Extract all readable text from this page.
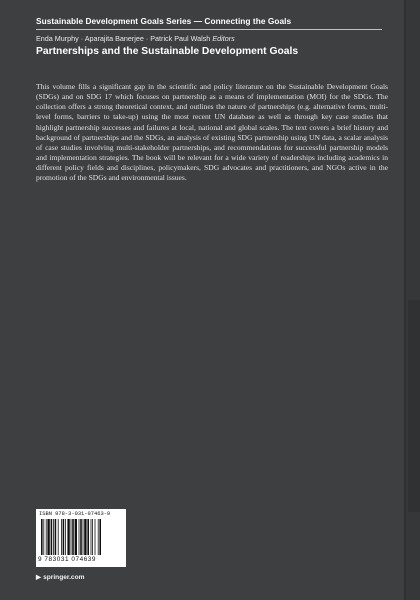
Sustainable Development Goals Series — Connecting the Goals
Enda Murphy · Aparajita Banerjee · Patrick Paul Walsh Editors
Partnerships and the Sustainable Development Goals
This volume fills a significant gap in the scientific and policy literature on the Sustainable Development Goals (SDGs) and on SDG 17 which focuses on partnership as a means of implementation (MOI) for the SDGs. The collection offers a strong theoretical context, and outlines the nature of partnerships (e.g. alternative forms, multi-level forms, barriers to take-up) using the most recent UN database as well as through key case studies that highlight partnership successes and failures at local, national and global scales. The text covers a brief history and background of partnerships and the SDGs, an analysis of existing SDG partnership using UN data, a scalar analysis of case studies involving multi-stakeholder partnerships, and recommendations for successful partnership models and implementation strategies. The book will be relevant for a wide variety of readerships including academics in different policy fields and disciplines, policymakers, SDG advocates and practitioners, and NGOs active in the promotion of the SDGs and environmental issues.
ISBN 978-3-031-07463-9
9 783031 074639
▶ springer.com
